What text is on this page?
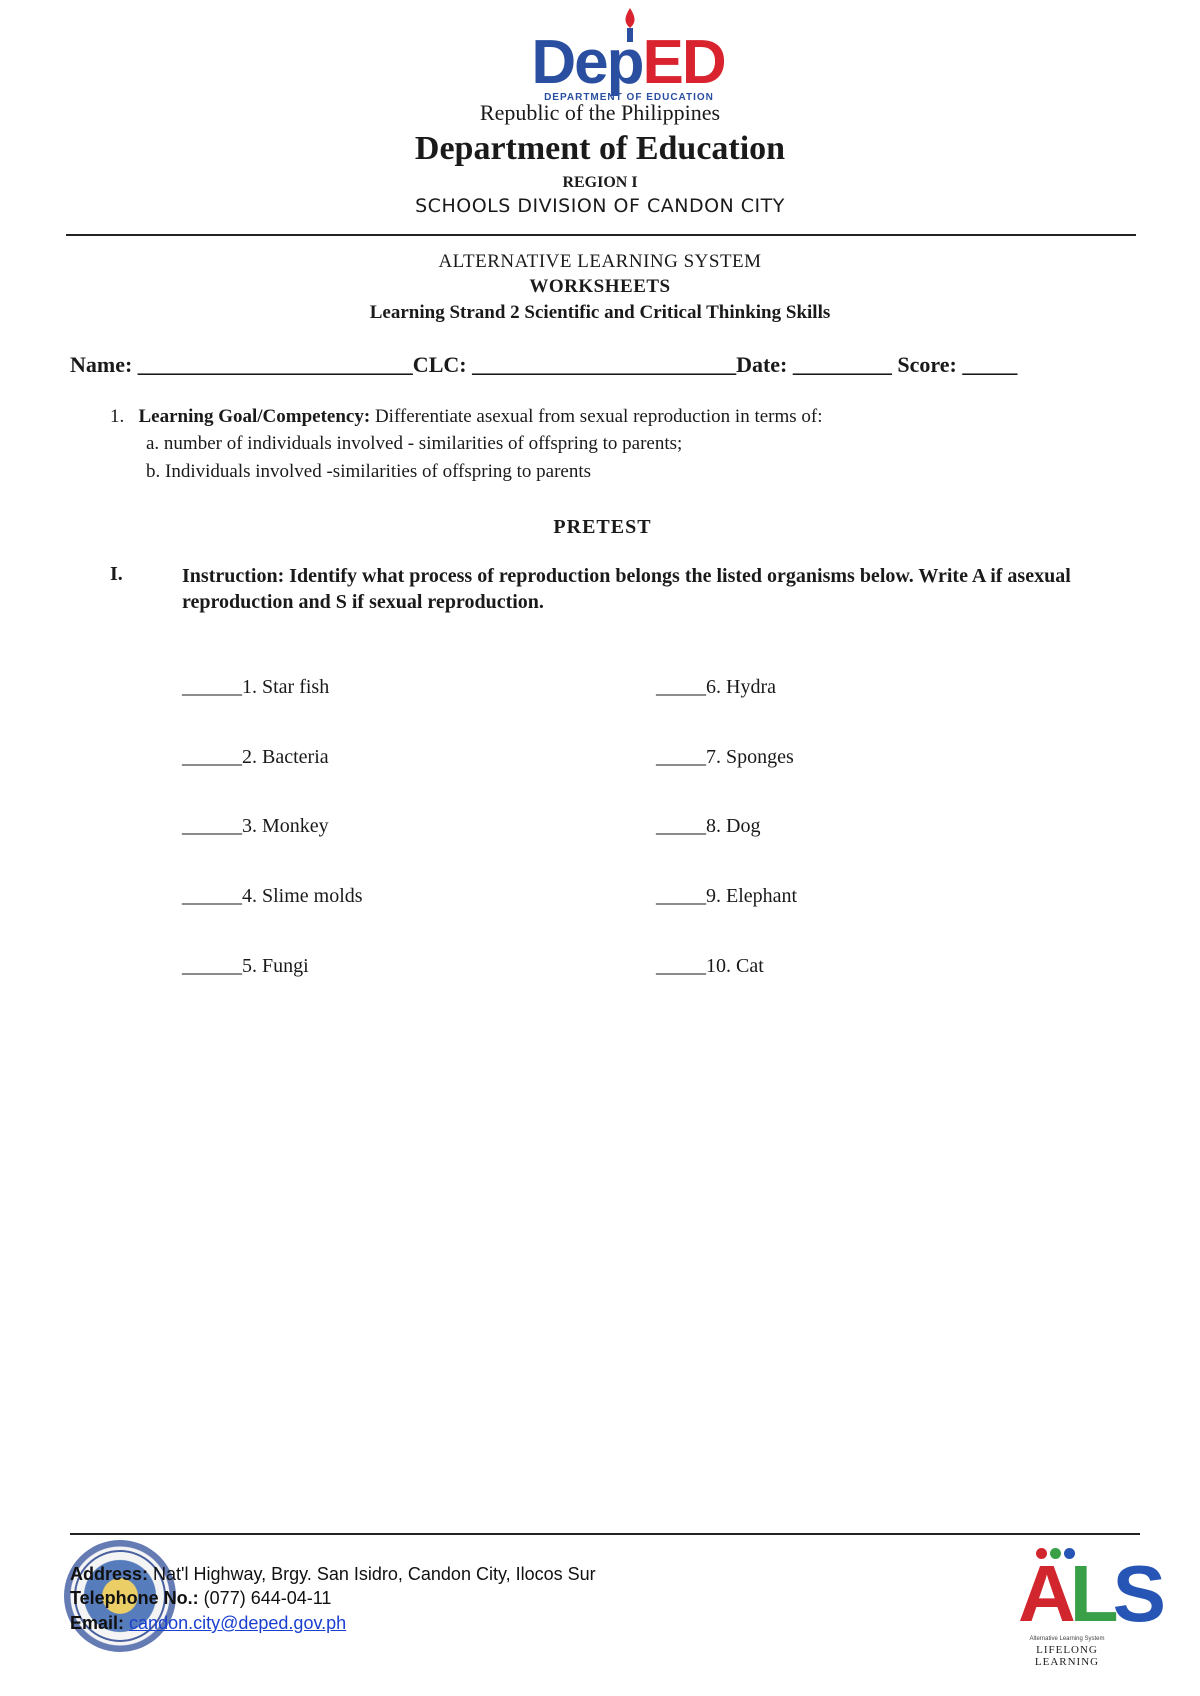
DepED
DEPARTMENT OF EDUCATION
Republic of the Philippines
Department of Education
REGION I
SCHOOLS DIVISION OF CANDON CITY
ALTERNATIVE LEARNING SYSTEM
WORKSHEETS
Learning Strand 2 Scientific and Critical Thinking Skills
Name: _________________________CLC: ________________________Date: _________ Score: _____
1. Learning Goal/Competency: Differentiate asexual from sexual reproduction in terms of:
a. number of individuals involved - similarities of offspring to parents;
b. Individuals involved -similarities of offspring to parents
PRETEST
I.	Instruction: Identify what process of reproduction belongs the listed organisms below. Write A if asexual reproduction and S if sexual reproduction.
______1. Star fish
______2. Bacteria
______3. Monkey
______4. Slime molds
______5. Fungi
_____6. Hydra
_____7. Sponges
_____8. Dog
_____9. Elephant
_____10. Cat
Address: Nat'l Highway, Brgy. San Isidro, Candon City, Ilocos Sur
Telephone No.: (077) 644-04-11
Email: candon.city@deped.gov.ph	ALS
Alternative Learning System
LIFELONG LEARNING
